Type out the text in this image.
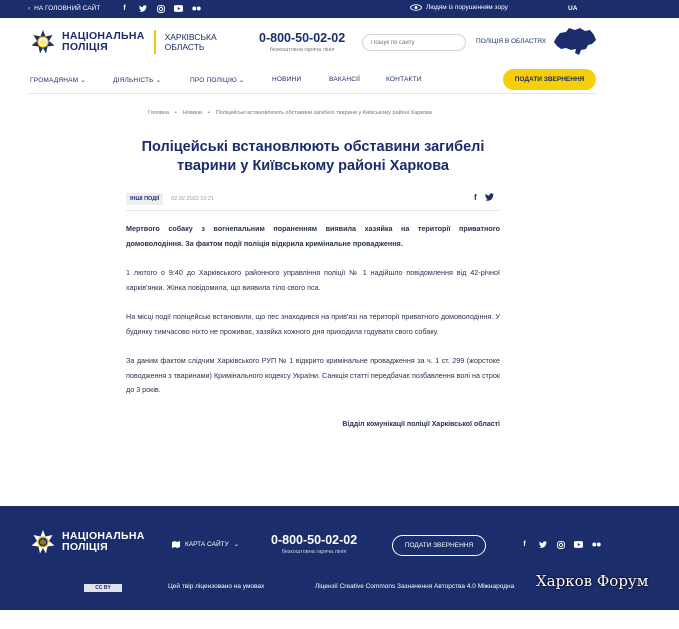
‹ НА ГОЛОВНИЙ САЙТ	f	Людям із порушенням зору	UA
НАЦІОНАЛЬНА
ПОЛІЦІЯ
ХАРКІВСЬКА
ОБЛАСТЬ
0-800-50-02-02
безкоштовна гаряча лінія
Пошук по сайту
ПОЛІЦІЯ В ОБЛАСТЯХ
ГРОМАДЯНАМ ⌄	ДІЯЛЬНІСТЬ ⌄	ПРО ПОЛІЦІЮ ⌄	НОВИНИ	ВАКАНСІЇ	КОНТАКТИ	ПОДАТИ ЗВЕРНЕННЯ
Головна • Новини • Поліцейські встановлюють обставини загибелі тварини у Київському районі Харкова
Поліцейські встановлюють обставини загибелі тварини у Київському районі Харкова
ІНШІ ПОДІЇ	02.02.2022 10:21	f

Мертвого собаку з вогнепальним пораненням виявила хазяйка на території приватного домоволодіння. За фактом події поліція відкрила кримінальне провадження.

1 лютого о 9:40 до Харківського районного управління поліції № 1 надійшло повідомлення від 42-річної харків'янки. Жінка повідомила, що виявила тіло свого пса.

На місці події поліцейські встановили, що пес знаходився на прив'язі на території приватного домоволодіння. У будинку тимчасово ніхто не проживає, хазяйка кожного дня приходила годувати свого собаку.

За даним фактом слідчим Харківського РУП № 1 відкрито кримінальне провадження за ч. 1 ст. 299 (жорстоке поводження з тваринами) Кримінального кодексу України. Санкція статті передбачає позбавлення волі на строк до 3 років.

Відділ комунікації поліції Харківської області
НАЦІОНАЛЬНА
ПОЛІЦІЯ	КАРТА САЙТУ ⌄	0-800-50-02-02
безкоштовна гаряча лінія
ПОДАТИ ЗВЕРНЕННЯ	f
CC BY	Цей твір ліцензовано на умовах	Ліцензії Creative Commons Зазначення Авторства 4.0 Міжнародна Харков Форум
